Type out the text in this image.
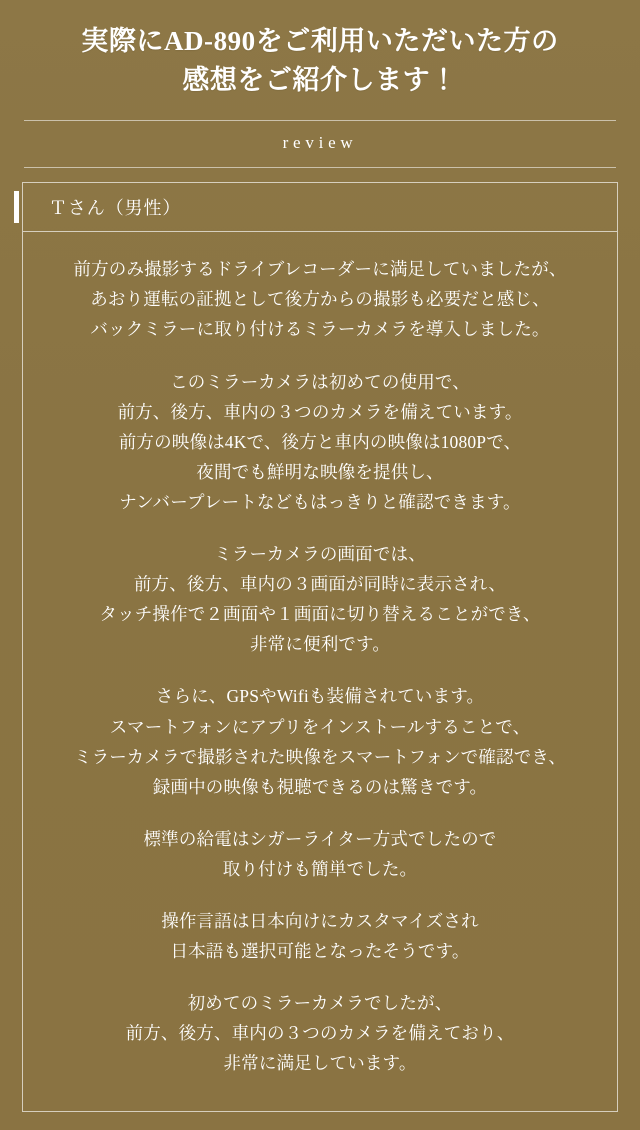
実際にAD-890をご利用いただいた方の
感想をご紹介します！
review
Ｔさん（男性）

前方のみ撮影するドライブレコーダーに満足していましたが、
あおり運転の証拠として後方からの撮影も必要だと感じ、
バックミラーに取り付けるミラーカメラを導入しました。

このミラーカメラは初めての使用で、
前方、後方、車内の３つのカメラを備えています。
前方の映像は4Kで、後方と車内の映像は1080Pで、
夜間でも鮮明な映像を提供し、
ナンバープレートなどもはっきりと確認できます。

ミラーカメラの画面では、
前方、後方、車内の３画面が同時に表示され、
タッチ操作で２画面や１画面に切り替えることができ、
非常に便利です。

さらに、GPSやWifiも装備されています。
スマートフォンにアプリをインストールすることで、
ミラーカメラで撮影された映像をスマートフォンで確認でき、
録画中の映像も視聴できるのは驚きです。

標準の給電はシガーライター方式でしたので
取り付けも簡単でした。

操作言語は日本向けにカスタマイズされ
日本語も選択可能となったそうです。

初めてのミラーカメラでしたが、
前方、後方、車内の３つのカメラを備えており、
非常に満足しています。
